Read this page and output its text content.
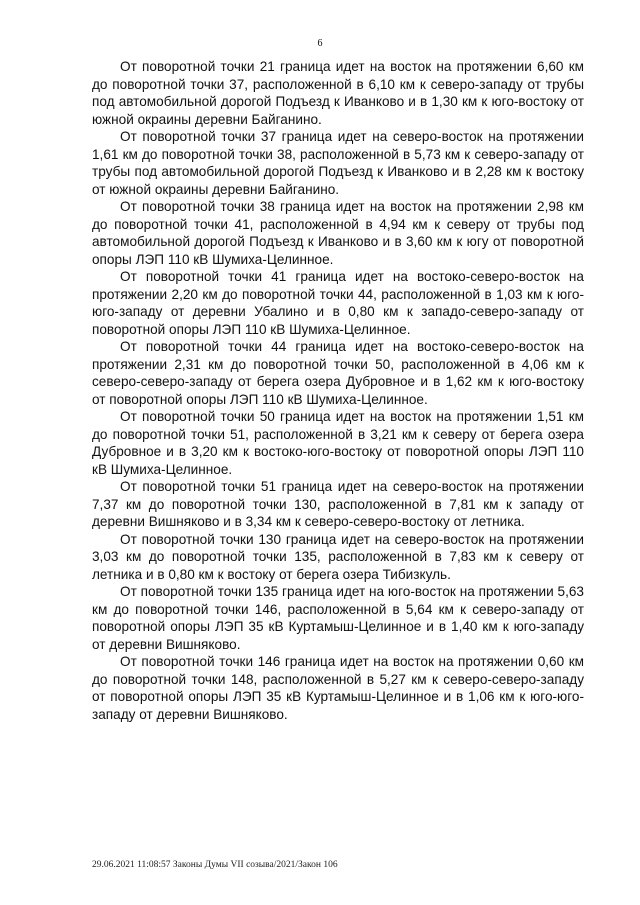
6

От поворотной точки 21 граница идет на восток на протяжении 6,60 км до поворотной точки 37, расположенной в 6,10 км к северо-западу от трубы под автомобильной дорогой Подъезд к Иванково и в 1,30 км к юго-востоку от южной окраины деревни Байганино.

От поворотной точки 37 граница идет на северо-восток на протяжении 1,61 км до поворотной точки 38, расположенной в 5,73 км к северо-западу от трубы под автомобильной дорогой Подъезд к Иванково и в 2,28 км к востоку от южной окраины деревни Байганино.

От поворотной точки 38 граница идет на восток на протяжении 2,98 км до поворотной точки 41, расположенной в 4,94 км к северу от трубы под автомобильной дорогой Подъезд к Иванково и в 3,60 км к югу от поворотной опоры ЛЭП 110 кВ Шумиха-Целинное.

От поворотной точки 41 граница идет на востоко-северо-восток на протяжении 2,20 км до поворотной точки 44, расположенной в 1,03 км к юго-юго-западу от деревни Убалино и в 0,80 км к западо-северо-западу от поворотной опоры ЛЭП 110 кВ Шумиха-Целинное.

От поворотной точки 44 граница идет на востоко-северо-восток на протяжении 2,31 км до поворотной точки 50, расположенной в 4,06 км к северо-северо-западу от берега озера Дубровное и в 1,62 км к юго-востоку от поворотной опоры ЛЭП 110 кВ Шумиха-Целинное.

От поворотной точки 50 граница идет на восток на протяжении 1,51 км до поворотной точки 51, расположенной в 3,21 км к северу от берега озера Дубровное и в 3,20 км к востоко-юго-востоку от поворотной опоры ЛЭП 110 кВ Шумиха-Целинное.

От поворотной точки 51 граница идет на северо-восток на протяжении 7,37 км до поворотной точки 130, расположенной в 7,81 км к западу от деревни Вишняково и в 3,34 км к северо-северо-востоку от летника.

От поворотной точки 130 граница идет на северо-восток на протяжении 3,03 км до поворотной точки 135, расположенной в 7,83 км к северу от летника и в 0,80 км к востоку от берега озера Тибизкуль.

От поворотной точки 135 граница идет на юго-восток на протяжении 5,63 км до поворотной точки 146, расположенной в 5,64 км к северо-западу от поворотной опоры ЛЭП 35 кВ Куртамыш-Целинное и в 1,40 км к юго-западу от деревни Вишняково.

От поворотной точки 146 граница идет на восток на протяжении 0,60 км до поворотной точки 148, расположенной в 5,27 км к северо-северо-западу от поворотной опоры ЛЭП 35 кВ Куртамыш-Целинное и в 1,06 км к юго-юго-западу от деревни Вишняково.

29.06.2021 11:08:57 Законы Думы VII созыва/2021/Закон 106
